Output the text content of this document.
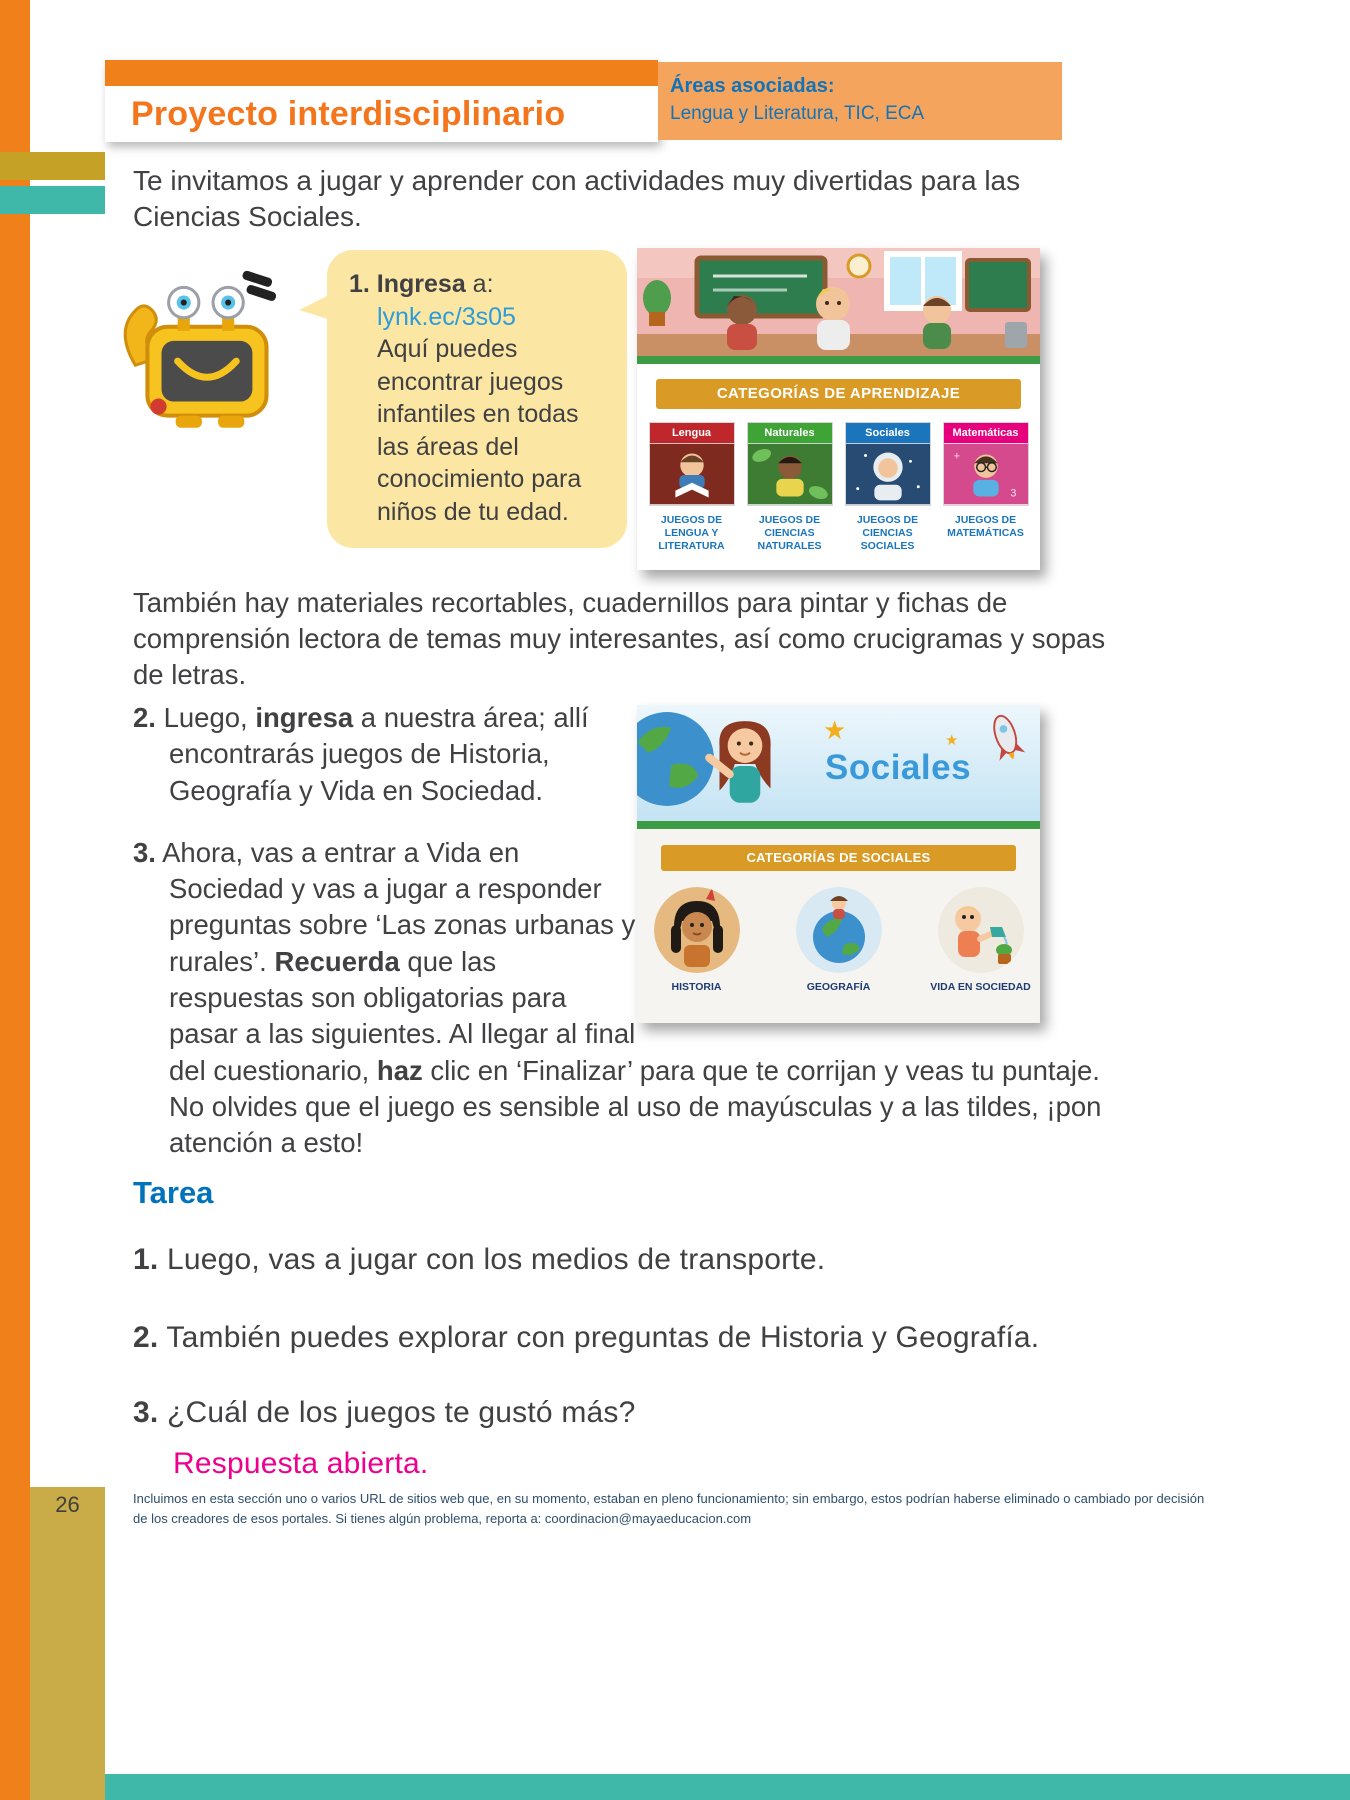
26
Proyecto interdisciplinario
Áreas asociadas:
Lengua y Literatura, TIC, ECA

Te invitamos a jugar y aprender con actividades muy divertidas para las Ciencias Sociales.

1. Ingresa a:
lynk.ec/3s05
Aquí puedes encontrar juegos infantiles en todas las áreas del conocimiento para niños de tu edad.
CATEGORÍAS DE APRENDIZAJE
Lengua
JUEGOS DE LENGUA Y LITERATURA
Naturales
JUEGOS DE CIENCIAS NATURALES
Sociales
JUEGOS DE CIENCIAS SOCIALES
Matemáticas
+
3
JUEGOS DE MATEMÁTICAS

También hay materiales recortables, cuadernillos para pintar y fichas de comprensión lectora de temas muy interesantes, así como crucigramas y sopas de letras.

★	★
Sociales
CATEGORÍAS DE SOCIALES
HISTORIA	GEOGRAFÍA	VIDA EN SOCIEDAD

2. Luego, ingresa a nuestra área; allí encontrarás juegos de Historia, Geografía y Vida en Sociedad.

3. Ahora, vas a entrar a Vida en Sociedad y vas a jugar a responder preguntas sobre ‘Las zonas urbanas y rurales’. Recuerda que las respuestas son obligatorias para pasar a las siguientes. Al llegar al final del cuestionario, haz clic en ‘Finalizar’ para que te corrijan y veas tu puntaje. No olvides que el juego es sensible al uso de mayúsculas y a las tildes, ¡pon atención a esto!

Tarea
1. Luego, vas a jugar con los medios de transporte.
2. También puedes explorar con preguntas de Historia y Geografía.
3. ¿Cuál de los juegos te gustó más?
Respuesta abierta.
Incluimos en esta sección uno o varios URL de sitios web que, en su momento, estaban en pleno funcionamiento; sin embargo, estos podrían haberse eliminado o cambiado por decisión
de los creadores de esos portales. Si tienes algún problema, reporta a: coordinacion@mayaeducacion.com
